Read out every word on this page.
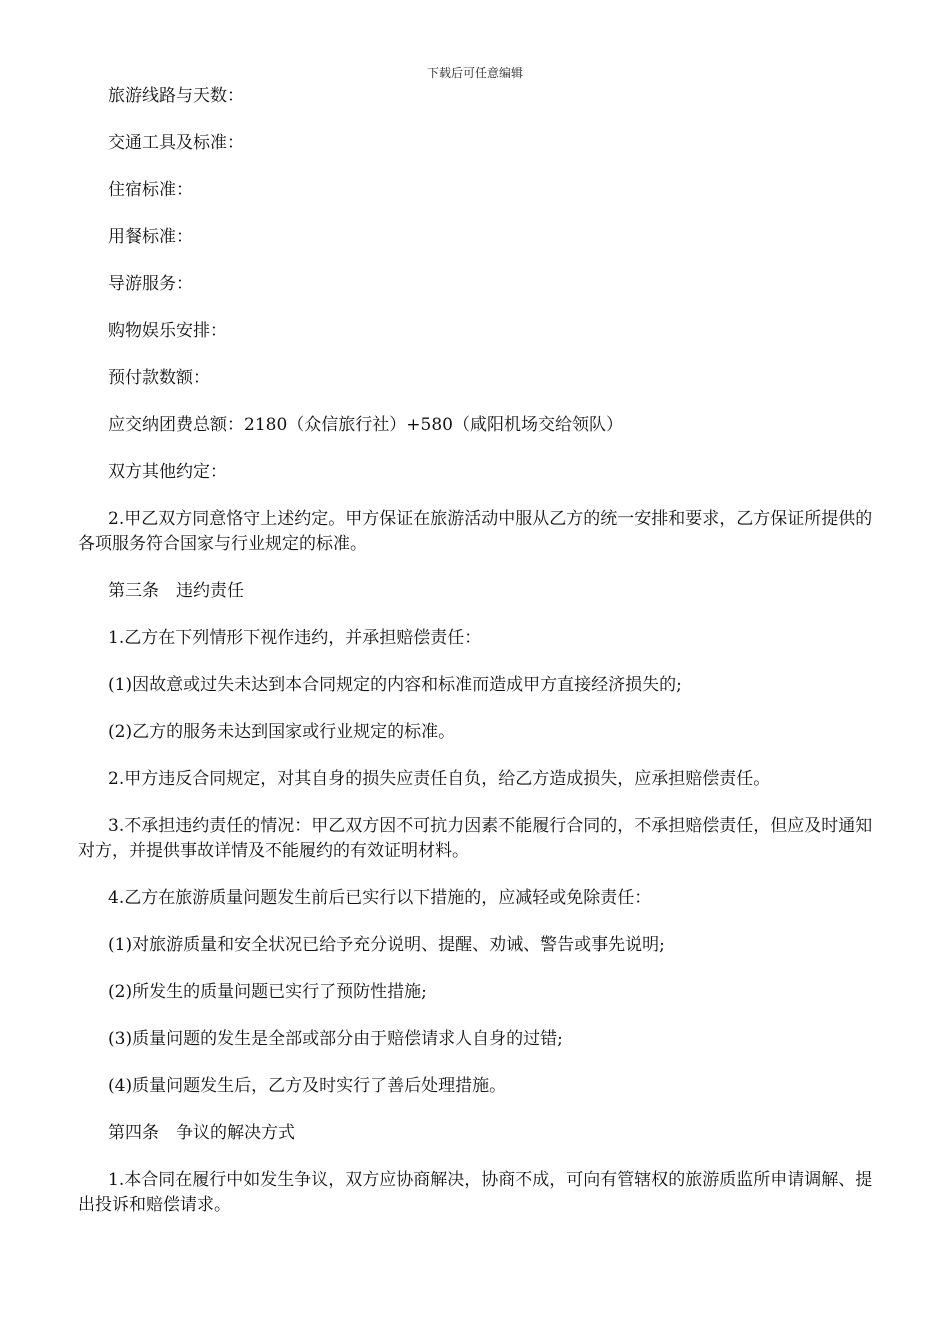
下载后可任意编辑

旅游线路与天数：

交通工具及标准：

住宿标准：

用餐标准：

导游服务：

购物娱乐安排：

预付款数额：

应交纳团费总额：2180（众信旅行社）+580（咸阳机场交给领队）

双方其他约定：

2.甲乙双方同意恪守上述约定。甲方保证在旅游活动中服从乙方的统一安排和要求，乙方保证所提供的各项服务符合国家与行业规定的标准。

第三条　违约责任

1.乙方在下列情形下视作违约，并承担赔偿责任：

(1)因故意或过失未达到本合同规定的内容和标准而造成甲方直接经济损失的;

(2)乙方的服务未达到国家或行业规定的标准。

2.甲方违反合同规定，对其自身的损失应责任自负，给乙方造成损失，应承担赔偿责任。

3.不承担违约责任的情况：甲乙双方因不可抗力因素不能履行合同的，不承担赔偿责任，但应及时通知对方，并提供事故详情及不能履约的有效证明材料。

4.乙方在旅游质量问题发生前后已实行以下措施的，应减轻或免除责任：

(1)对旅游质量和安全状况已给予充分说明、提醒、劝诫、警告或事先说明;

(2)所发生的质量问题已实行了预防性措施;

(3)质量问题的发生是全部或部分由于赔偿请求人自身的过错;

(4)质量问题发生后，乙方及时实行了善后处理措施。

第四条　争议的解决方式

1.本合同在履行中如发生争议，双方应协商解决，协商不成，可向有管辖权的旅游质监所申请调解、提出投诉和赔偿请求。
